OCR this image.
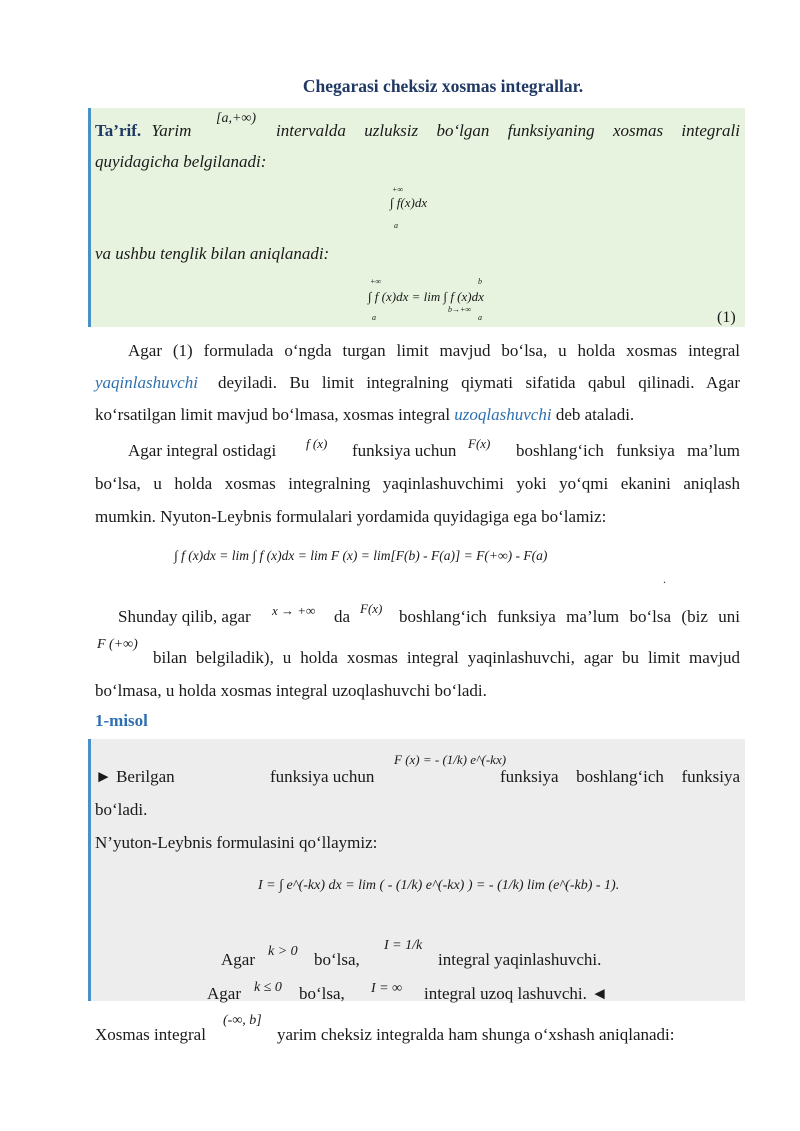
Chegarasi cheksiz xosmas integrallar.
Ta’rif. Yarim
[a,+∞)
intervalda uzluksiz bo‘lgan funksiyaning xosmas integrali
quyidagicha belgilanadi:
+∞
∫ f(x)dx
a
va ushbu tenglik bilan aniqlanadi:
+∞	b
∫ f (x)dx = lim ∫ f (x)dx
b→+∞
a	a	(1)
Agar (1) formulada o‘ngda turgan limit mavjud bo‘lsa, u holda xosmas integral
yaqinlashuvchi	deyiladi. Bu limit integralning qiymati sifatida qabul qilinadi. Agar
ko‘rsatilgan limit mavjud bo‘lmasa, xosmas integral uzoqlashuvchi deb ataladi.
Agar integral ostidagi f (x) funksiya uchun F(x) boshlang‘ich funksiya ma’lum
bo‘lsa, u holda xosmas integralning yaqinlashuvchimi yoki yo‘qmi ekanini aniqlash
mumkin. Nyuton-Leybnis formulalari yordamida quyidagiga ega bo‘lamiz:
∫ f (x)dx = lim ∫ f (x)dx = lim F (x) = lim[F(b) - F(a)] = F(+∞) - F(a)
.
Shunday qilib, agar x → +∞ da F(x) boshlang‘ich funksiya ma’lum bo‘lsa (biz uni
F (+∞)
bilan belgiladik), u holda xosmas integral yaqinlashuvchi, agar bu limit mavjud
bo‘lmasa, u holda xosmas integral uzoqlashuvchi bo‘ladi.
1-misol
► Berilgan	funksiya uchun
F (x) = - (1/k) e^(-kx)
funksiya boshlang‘ich funksiya
bo‘ladi.
N’yuton-Leybnis formulasini qo‘llaymiz:
I = ∫ e^(-kx) dx = lim ( - (1/k) e^(-kx) ) = - (1/k) lim (e^(-kb) - 1).
Agar k > 0 bo‘lsa,
I = 1/k
integral yaqinlashuvchi.
Agar k ≤ 0 bo‘lsa, I = ∞ integral uzoq lashuvchi. ◄
Xosmas integral
(-∞, b]
yarim cheksiz integralda ham shunga o‘xshash aniqlanadi:
